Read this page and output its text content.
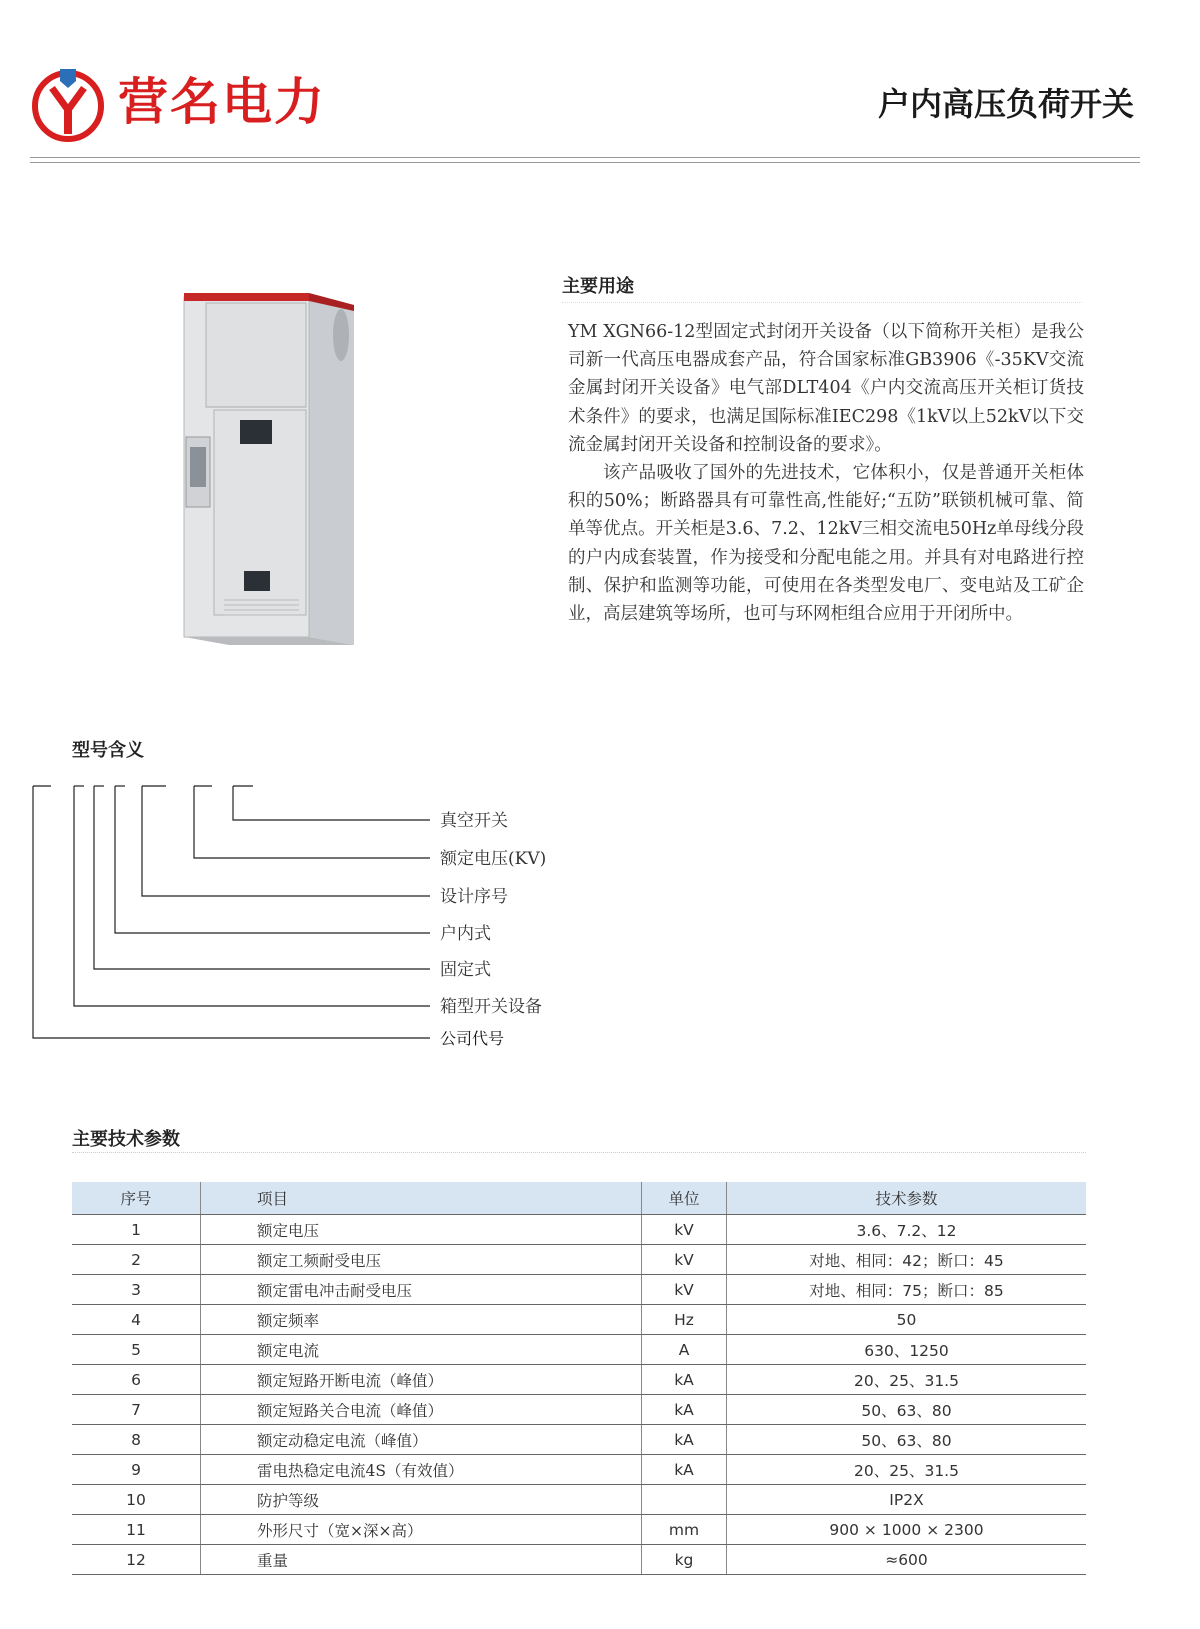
营名电力	户内高压负荷开关
主要用途

YM XGN66-12型固定式封闭开关设备（以下简称开关柜）是我公司新一代高压电器成套产品，符合国家标准GB3906《-35KV交流金属封闭开关设备》电气部DLT404《户内交流高压开关柜订货技术条件》的要求，也满足国际标准IEC298《1kV以上52kV以下交流金属封闭开关设备和控制设备的要求》。

该产品吸收了国外的先进技术，它体积小，仅是普通开关柜体积的50%；断路器具有可靠性高,性能好;“五防”联锁机械可靠、简单等优点。开关柜是3.6、7.2、12kV三相交流电50Hz单母线分段的户内成套装置，作为接受和分配电能之用。并具有对电路进行控制、保护和监测等功能，可使用在各类型发电厂、变电站及工矿企业，高层建筑等场所，也可与环网柜组合应用于开闭所中。

型号含义
真空开关
额定电压(KV)
设计序号
户内式
固定式
箱型开关设备
公司代号
主要技术参数
序号	项目	单位	技术参数
1	额定电压	kV	3.6、7.2、12
2	额定工频耐受电压	kV	对地、相同：42；断口：45
3	额定雷电冲击耐受电压	kV	对地、相同：75；断口：85
4	额定频率	Hz	50
5	额定电流	A	630、1250
6	额定短路开断电流（峰值）	kA	20、25、31.5
7	额定短路关合电流（峰值）	kA	50、63、80
8	额定动稳定电流（峰值）	kA	50、63、80
9	雷电热稳定电流4S（有效值）	kA	20、25、31.5
10	防护等级		IP2X
11	外形尺寸（宽×深×高）	mm	900 × 1000 × 2300
12	重量	kg	≈600
